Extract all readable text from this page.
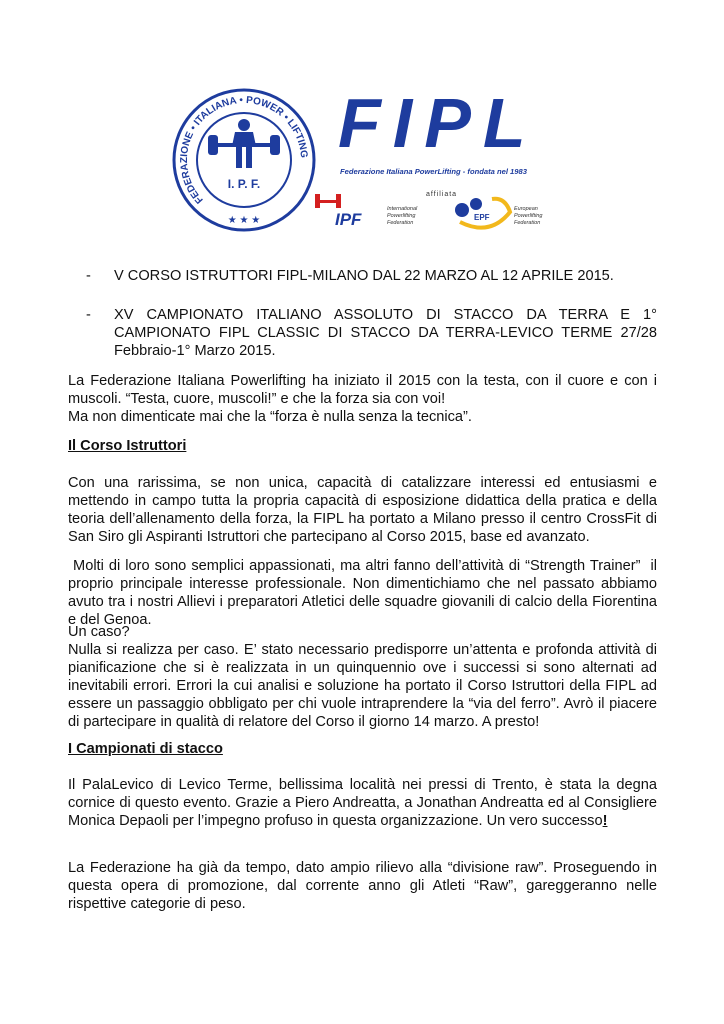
FEDERAZIONE • ITALIANA • POWER • LIFTING
I. P. F.
★ ★ ★
FIPL
Federazione Italiana PowerLifting - fondata nel 1983
affiliata
IPF
International
Powerlifting
Federation
EPF
European
Powerlifting
Federation
- V CORSO ISTRUTTORI FIPL-MILANO DAL 22 MARZO AL 12 APRILE 2015.
- XV CAMPIONATO ITALIANO ASSOLUTO DI STACCO DA TERRA E 1° CAMPIONATO FIPL CLASSIC DI STACCO DA TERRA-LEVICO TERME 27/28 Febbraio-1° Marzo 2015.

La Federazione Italiana Powerlifting ha iniziato il 2015 con la testa, con il cuore e con i muscoli. “Testa, cuore, muscoli!” e che la forza sia con voi!

Ma non dimenticate mai che la “forza è nulla senza la tecnica”.

Il Corso Istruttori

Con una rarissima, se non unica, capacità di catalizzare interessi ed entusiasmi e mettendo in campo tutta la propria capacità di esposizione didattica della pratica e della teoria dell’allenamento della forza, la FIPL ha portato a Milano presso il centro CrossFit di San Siro gli Aspiranti Istruttori che partecipano al Corso 2015, base ed avanzato.

Molti di loro sono semplici appassionati, ma altri fanno dell’attività di “Strength Trainer”  il proprio principale interesse professionale. Non dimentichiamo che nel passato abbiamo avuto tra i nostri Allievi i preparatori Atletici delle squadre giovanili di calcio della Fiorentina e del Genoa.

Un caso?

Nulla si realizza per caso. E’ stato necessario predisporre un’attenta e profonda attività di pianificazione che si è realizzata in un quinquennio ove i successi si sono alternati ad inevitabili errori. Errori la cui analisi e soluzione ha portato il Corso Istruttori della FIPL ad essere un passaggio obbligato per chi vuole intraprendere la “via del ferro”. Avrò il piacere di partecipare in qualità di relatore del Corso il giorno 14 marzo. A presto!

I Campionati di stacco

Il PalaLevico di Levico Terme, bellissima località nei pressi di Trento, è stata la degna cornice di questo evento. Grazie a Piero Andreatta, a Jonathan Andreatta ed al Consigliere Monica Depaoli per l’impegno profuso in questa organizzazione. Un vero successo!

La Federazione ha già da tempo, dato ampio rilievo alla “divisione raw”. Proseguendo in questa opera di promozione, dal corrente anno gli Atleti “Raw”, gareggeranno nelle rispettive categorie di peso.
